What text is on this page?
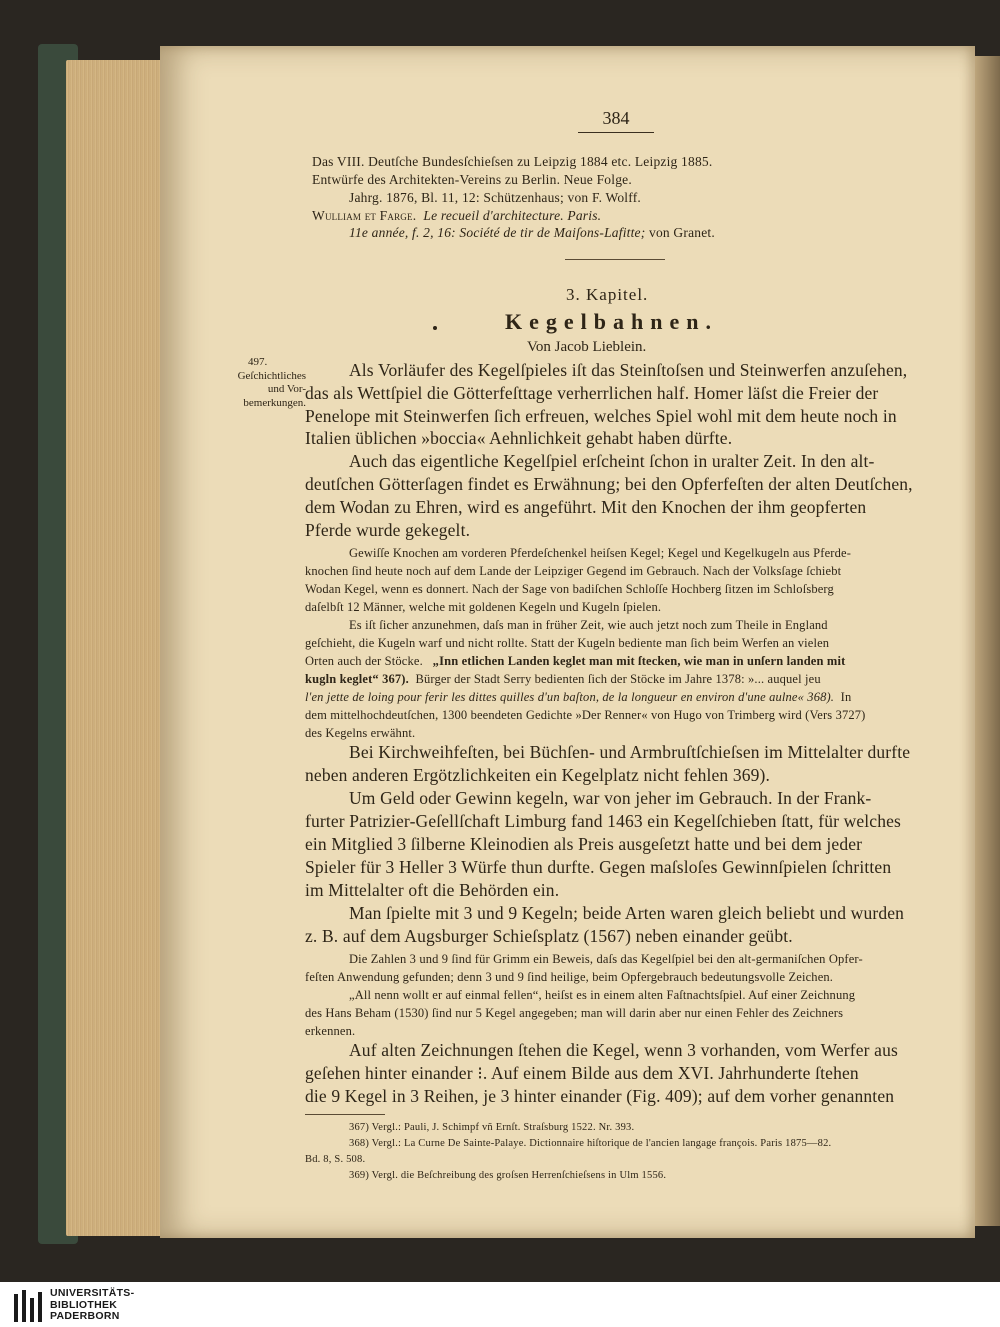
384
Das VIII. Deutſche Bundesſchieſsen zu Leipzig 1884 etc. Leipzig 1885.
Entwürfe des Architekten-Vereins zu Berlin. Neue Folge.
Jahrg. 1876, Bl. 11, 12: Schützenhaus; von F. Wolff.
Wulliam et Farge. Le recueil d'architecture. Paris.
11e année, f. 2, 16: Société de tir de Maiſons-Lafitte; von Granet.
3. Kapitel.
Kegelbahnen.
Von Jacob Lieblein.
497.
Geſchichtliches
und Vor-
bemerkungen.
Als Vorläufer des Kegelſpieles iſt das Steinſtoſsen und Steinwerfen anzuſehen,
das als Wettſpiel die Götterfeſttage verherrlichen half. Homer läſst die Freier der
Penelope mit Steinwerfen ſich erfreuen, welches Spiel wohl mit dem heute noch in
Italien üblichen »boccia« Aehnlichkeit gehabt haben dürfte.
Auch das eigentliche Kegelſpiel erſcheint ſchon in uralter Zeit. In den alt-
deutſchen Götterſagen findet es Erwähnung; bei den Opferfeſten der alten Deutſchen,
dem Wodan zu Ehren, wird es angeführt. Mit den Knochen der ihm geopferten
Pferde wurde gekegelt.
Gewiſſe Knochen am vorderen Pferdeſchenkel heiſsen Kegel; Kegel und Kegelkugeln aus Pferde-
knochen ſind heute noch auf dem Lande der Leipziger Gegend im Gebrauch. Nach der Volksſage ſchiebt
Wodan Kegel, wenn es donnert. Nach der Sage von badiſchen Schloſſe Hochberg ſitzen im Schloſsberg
daſelbſt 12 Männer, welche mit goldenen Kegeln und Kugeln ſpielen.
Es iſt ſicher anzunehmen, daſs man in früher Zeit, wie auch jetzt noch zum Theile in England
geſchieht, die Kugeln warf und nicht rollte. Statt der Kugeln bediente man ſich beim Werfen an vielen
Orten auch der Stöcke. „Inn etlichen Landen keglet man mit ſtecken, wie man in unſern landen mit
kugln keglet“ 367). Bürger der Stadt Serry bedienten ſich der Stöcke im Jahre 1378: »... auquel jeu
l'en jette de loing pour ferir les dittes quilles d'un baſton, de la longueur en environ d'une aulne« 368). In
dem mittelhochdeutſchen, 1300 beendeten Gedichte »Der Renner« von Hugo von Trimberg wird (Vers 3727)
des Kegelns erwähnt.
Bei Kirchweihfeſten, bei Büchſen- und Armbruſtſchieſsen im Mittelalter durfte
neben anderen Ergötzlichkeiten ein Kegelplatz nicht fehlen 369).
Um Geld oder Gewinn kegeln, war von jeher im Gebrauch. In der Frank-
furter Patrizier-Geſellſchaft Limburg fand 1463 ein Kegelſchieben ſtatt, für welches
ein Mitglied 3 ſilberne Kleinodien als Preis ausgeſetzt hatte und bei dem jeder
Spieler für 3 Heller 3 Würfe thun durfte. Gegen maſsloſes Gewinnſpielen ſchritten
im Mittelalter oft die Behörden ein.
Man ſpielte mit 3 und 9 Kegeln; beide Arten waren gleich beliebt und wurden
z. B. auf dem Augsburger Schieſsplatz (1567) neben einander geübt.
Die Zahlen 3 und 9 ſind für Grimm ein Beweis, daſs das Kegelſpiel bei den alt-germaniſchen Opfer-
feſten Anwendung gefunden; denn 3 und 9 ſind heilige, beim Opfergebrauch bedeutungsvolle Zeichen.
„All nenn wollt er auf einmal fellen“, heiſst es in einem alten Faſtnachtsſpiel. Auf einer Zeichnung
des Hans Beham (1530) ſind nur 5 Kegel angegeben; man will darin aber nur einen Fehler des Zeichners
erkennen.
Auf alten Zeichnungen ſtehen die Kegel, wenn 3 vorhanden, vom Werfer aus
geſehen hinter einander ⁝. Auf einem Bilde aus dem XVI. Jahrhunderte ſtehen
die 9 Kegel in 3 Reihen, je 3 hinter einander (Fig. 409); auf dem vorher genannten
367) Vergl.: Pauli, J. Schimpf vñ Ernſt. Straſsburg 1522. Nr. 393.
368) Vergl.: La Curne De Sainte-Palaye. Dictionnaire hiſtorique de l'ancien langage françois. Paris 1875—82.
Bd. 8, S. 508.
369) Vergl. die Beſchreibung des groſsen Herrenſchieſsens in Ulm 1556.
UNIVERSITÄTS-
BIBLIOTHEK
PADERBORN
